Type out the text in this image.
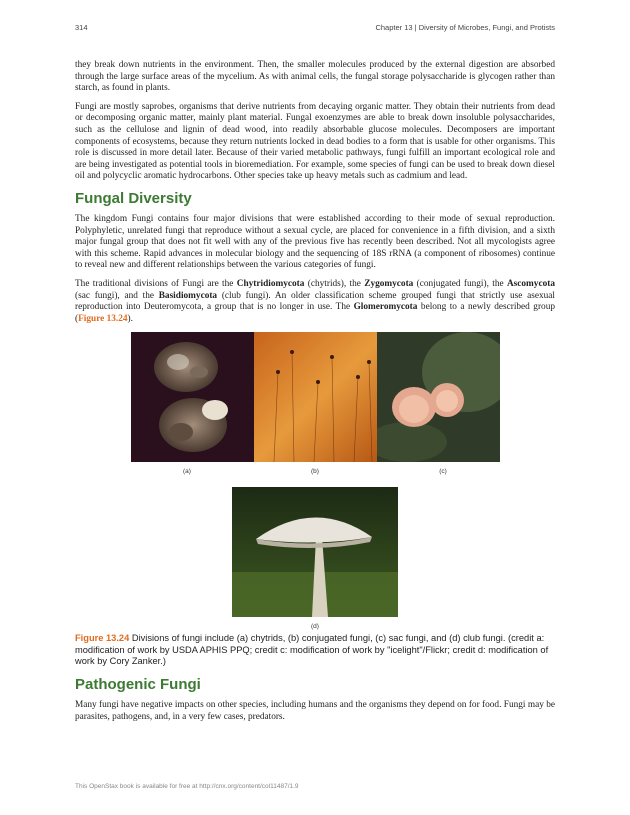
314	Chapter 13 | Diversity of Microbes, Fungi, and Protists

they break down nutrients in the environment. Then, the smaller molecules produced by the external digestion are absorbed through the large surface areas of the mycelium. As with animal cells, the fungal storage polysaccharide is glycogen rather than starch, as found in plants.

Fungi are mostly saprobes, organisms that derive nutrients from decaying organic matter. They obtain their nutrients from dead or decomposing organic matter, mainly plant material. Fungal exoenzymes are able to break down insoluble polysaccharides, such as the cellulose and lignin of dead wood, into readily absorbable glucose molecules. Decomposers are important components of ecosystems, because they return nutrients locked in dead bodies to a form that is usable for other organisms. This role is discussed in more detail later. Because of their varied metabolic pathways, fungi fulfill an important ecological role and are being investigated as potential tools in bioremediation. For example, some species of fungi can be used to break down diesel oil and polycyclic aromatic hydrocarbons. Other species take up heavy metals such as cadmium and lead.

Fungal Diversity

The kingdom Fungi contains four major divisions that were established according to their mode of sexual reproduction. Polyphyletic, unrelated fungi that reproduce without a sexual cycle, are placed for convenience in a fifth division, and a sixth major fungal group that does not fit well with any of the previous five has recently been described. Not all mycologists agree with this scheme. Rapid advances in molecular biology and the sequencing of 18S rRNA (a component of ribosomes) continue to reveal new and different relationships between the various categories of fungi.

The traditional divisions of Fungi are the Chytridiomycota (chytrids), the Zygomycota (conjugated fungi), the Ascomycota (sac fungi), and the Basidiomycota (club fungi). An older classification scheme grouped fungi that strictly use asexual reproduction into Deuteromycota, a group that is no longer in use. The Glomeromycota belong to a newly described group (Figure 13.24).

(a)	(b)	(c)
(d)
Figure 13.24 Divisions of fungi include (a) chytrids, (b) conjugated fungi, (c) sac fungi, and (d) club fungi. (credit a: modification of work by USDA APHIS PPQ; credit c: modification of work by "icelight"/Flickr; credit d: modification of work by Cory Zanker.)
Pathogenic Fungi

Many fungi have negative impacts on other species, including humans and the organisms they depend on for food. Fungi may be parasites, pathogens, and, in a very few cases, predators.

This OpenStax book is available for free at http://cnx.org/content/col11487/1.9
